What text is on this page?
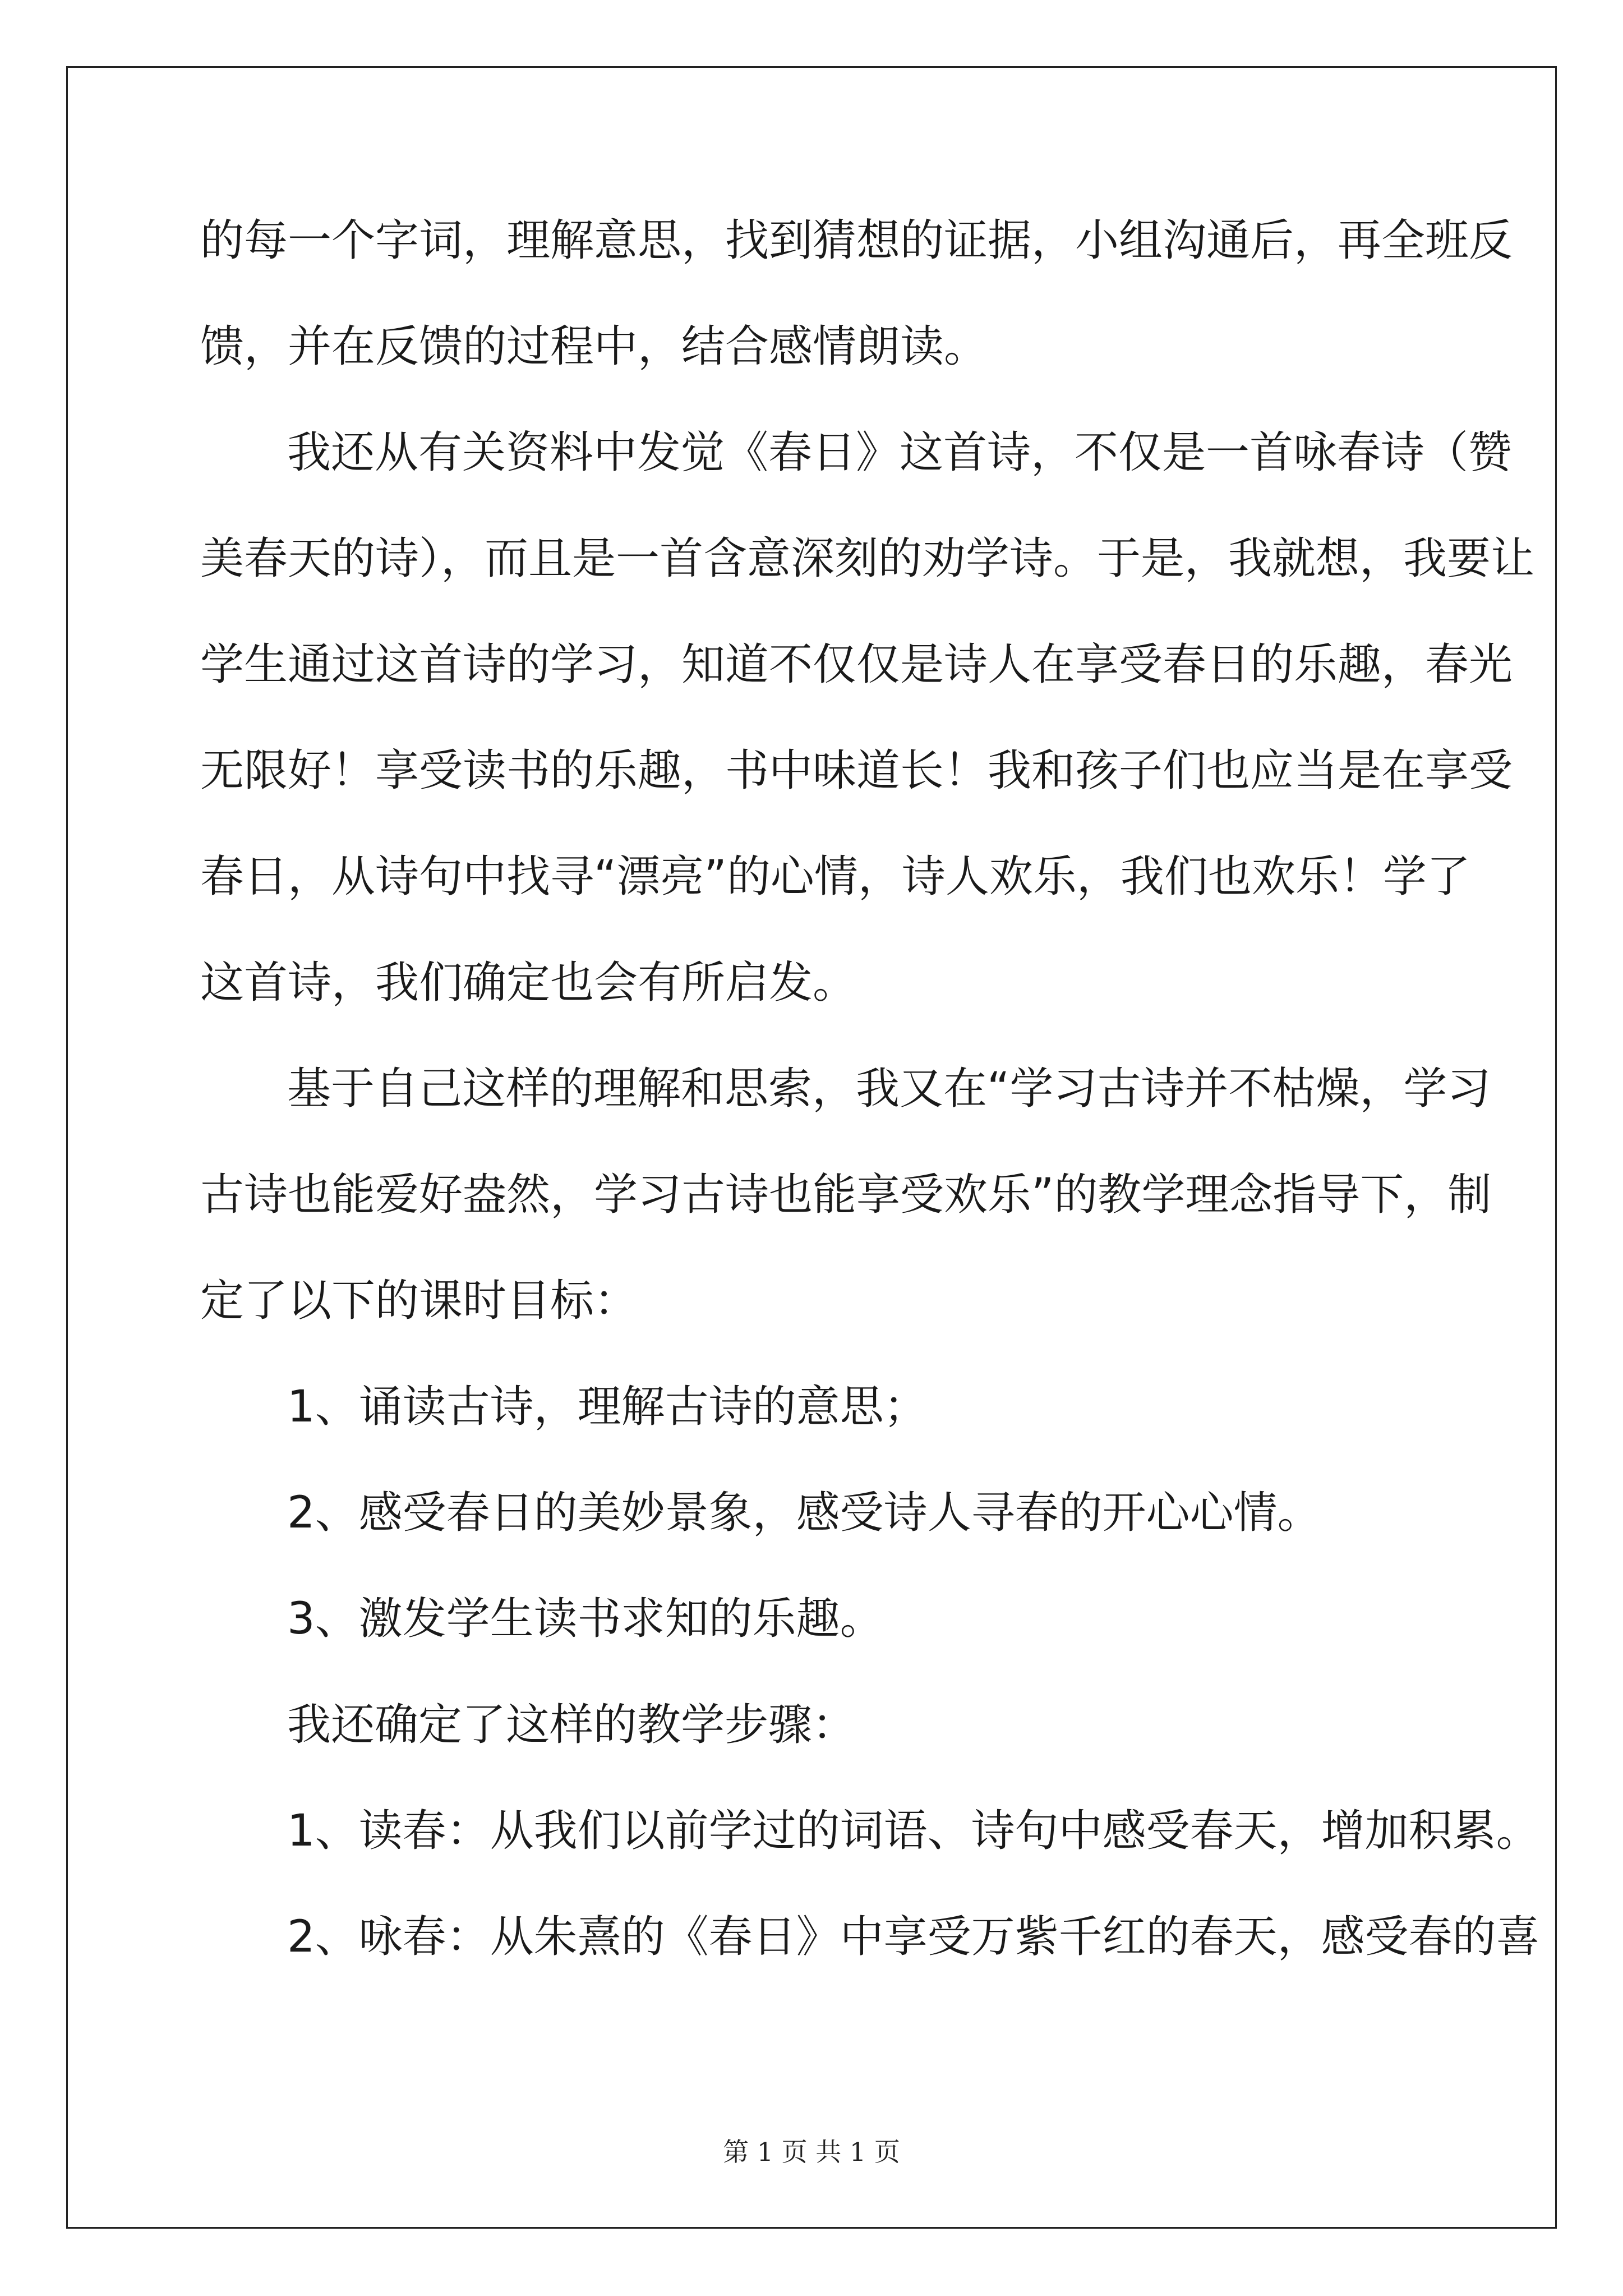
的每一个字词，理解意思，找到猜想的证据，小组沟通后，再全班反
馈，并在反馈的过程中，结合感情朗读。
我还从有关资料中发觉《春日》这首诗，不仅是一首咏春诗（赞
美春天的诗），而且是一首含意深刻的劝学诗。于是，我就想，我要让
学生通过这首诗的学习，知道不仅仅是诗人在享受春日的乐趣，春光
无限好！享受读书的乐趣，书中味道长！我和孩子们也应当是在享受
春日，从诗句中找寻“漂亮”的心情，诗人欢乐，我们也欢乐！学了
这首诗，我们确定也会有所启发。
基于自己这样的理解和思索，我又在“学习古诗并不枯燥，学习
古诗也能爱好盎然，学习古诗也能享受欢乐”的教学理念指导下，制
定了以下的课时目标：
1、诵读古诗，理解古诗的意思；
2、感受春日的美妙景象，感受诗人寻春的开心心情。
3、激发学生读书求知的乐趣。
我还确定了这样的教学步骤：
1、读春：从我们以前学过的词语、诗句中感受春天，增加积累。
2、咏春：从朱熹的《春日》中享受万紫千红的春天，感受春的喜
第 1 页 共 1 页
